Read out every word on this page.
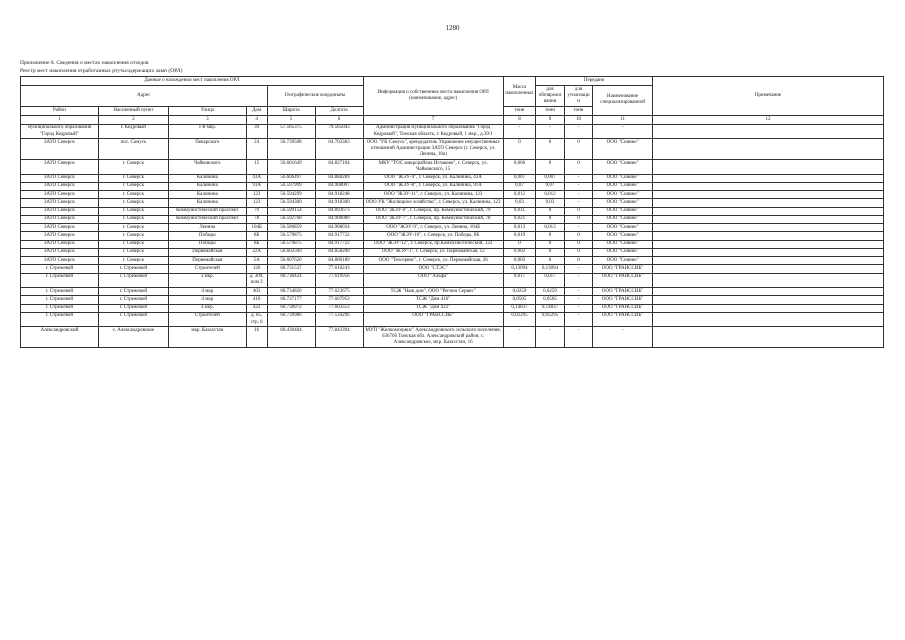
1280
Приложение 8. Сведения о местах накопления отходов
Реестр мест накопления отработанных ртутьсодержащих ламп (ОРЛ)
Данные о нахождении мест накопления ОРЛ						Информация о собственнике места накопления ОРЛ (наименование, адрес)	Масса накопленных	Передано			Примечание
Адрес				Географические координаты				для обезвреживания	для утилизации	Наименование специализированной	
Район	Населенный пункт	Улица	Дом	Широта	Долгота		тонн	тонн	тонн		
1	2	3	4	5	6	7	8	9	10	11	12
муниципального образования "Город Кедровый"	г. Кедровый	1-й мкр.	39	57.565375	79.565043	Администрация муниципального образования "Город Кедровый", Томская область, г. Кедровый, 1 мкр., д.39/1	-	-	-	-	
ЗАТО Северск	пос. Самусь	Пекарского	24	56.739508	84.703383	ООО "УК Самусь", арендодатель Управление имущественных отношений Администрации ЗАТО Северск (г. Северск, ул. Ленина, 18а)	0	0	0	ООО "Сияние"	
ЗАТО Северск	г. Северск	Чайковского	15	56.601649	84.827104	МКУ "ТОС микрорайона Иглаково", г. Северск, ул. Чайковского, 15	0,006	0	0	ООО "Сияние"	
ЗАТО Северск	г. Северск	Калинина	43А	56.606497	84.888289	ООО "ЖЭУ-4", г. Северск, ул. Калинина, 43А	0,007	0,007	-	ООО "Сияние"	
ЗАТО Северск	г. Северск	Калинина	91А	56.597999	84.908007	ООО "ЖЭУ-8", г. Северск, ул. Калинина, 91А	0,07	0,07	-	ООО "Сияние"	
ЗАТО Северск	г. Северск	Калинина	123	56.594299	84.918248	ООО "ЖЭУ-11", г. Северск, ул. Калинина, 123	0,012	0,012	-	ООО "Сияние"	
ЗАТО Северск	г. Северск	Калинина	123	56.594300	84.918300	ООО УК "Жилищное хозяйство", г. Северск, ул. Калинина, 123	0,03	0,03	-	ООО "Сияние"	
ЗАТО Северск	г. Северск	Коммунистический проспект	79	56.599154	84.893673	ООО "ЖЭУ-6", г. Северск, пр. Коммунистический, 79	0,011	0	0	ООО "Сияние"	
ЗАТО Северск	г. Северск	Коммунистический проспект	78	56.592768	84.900089	ООО "ЖЭУ-7", г. Северск, пр. Коммунистический, 78	0,021	0	0	ООО "Сияние"	
ЗАТО Северск	г. Северск	Ленина	104Б	56.586859	84.908034	ООО "ЖЭУ-9", г. Северск, ул. Ленина, 104Б	0,013	0,013	-	ООО "Сияние"	
ЗАТО Северск	г. Северск	Победы	8Б	56.579875	84.917722	ООО "ЖЭУ-10", г. Северск, ул. Победы, 8Б	0,019	0	0	ООО "Сияние"	
ЗАТО Северск	г. Северск	Победы	8Б	56.579875	84.917722	ООО "ЖЭУ-12", г. Северск, пр.Коммунистический, 122	0	0	0	ООО "Сияние"	
ЗАТО Северск	г. Северск	Первомайская	22А	56.602509	84.858200	ООО "ЖЭУ-1", г. Северск, ул. Первомайская, 12	0,002	0	0	ООО "Сияние"	
ЗАТО Северск	г. Северск	Первомайская	5А	56.607620	84.860189	ООО "Техсервис", г. Северск, ул. Первомайская, 26	0,003	0	0	ООО "Сияние"	
г. Стрежевой	г. Стрежевой	Строителей	126	60.731537	77.610243	ООО "СТЭС"	0,13094	0,13094	-	ООО "ГРАНССИБ"	
г. Стрежевой	г. Стрежевой	3 мкр.	д. 309, пом 3	60.730424	77.619956	ООО "Альфа"	0,017	0,017	-	ООО "ГРАНССИБ"	
г. Стрежевой	г. Стрежевой	4 мкр	403	60.734820	77.623675	ТСЖ "Наш дом", ООО "Регион Сервис"	0,0259	0,0259	-	ООО "ГРАНССИБ"	
г. Стрежевой	г. Стрежевой	4 мкр	416	60.737177	77.607953	ТСЖ "Дом 416"	0,0505	0,0505	-	ООО "ГРАНССИБ"	
г. Стрежевой	г. Стрежевой	4 мкр.	422	60.738972	77.603353	ТСЖ "Дом 422"	0,14837	0,14837	-	ООО "ГРАНССИБ"	
г. Стрежевой	г. Стрежевой	Строителей	д. 85, стр. 8	60.739986	77.534296	ООО "ГРАНССИБ"	0,02295	0,02295	-	ООО "ГРАНССИБ"	
Александровский	с. Александровское	мкр. Казахстан	16	60.430484	77.843394	МУП "Жилкомсервис" Александровского сельского поселения, 636760 Томская обл. Александровский район, с. Александровское, мкр. Казахстан, 16	-	-	-	-	
